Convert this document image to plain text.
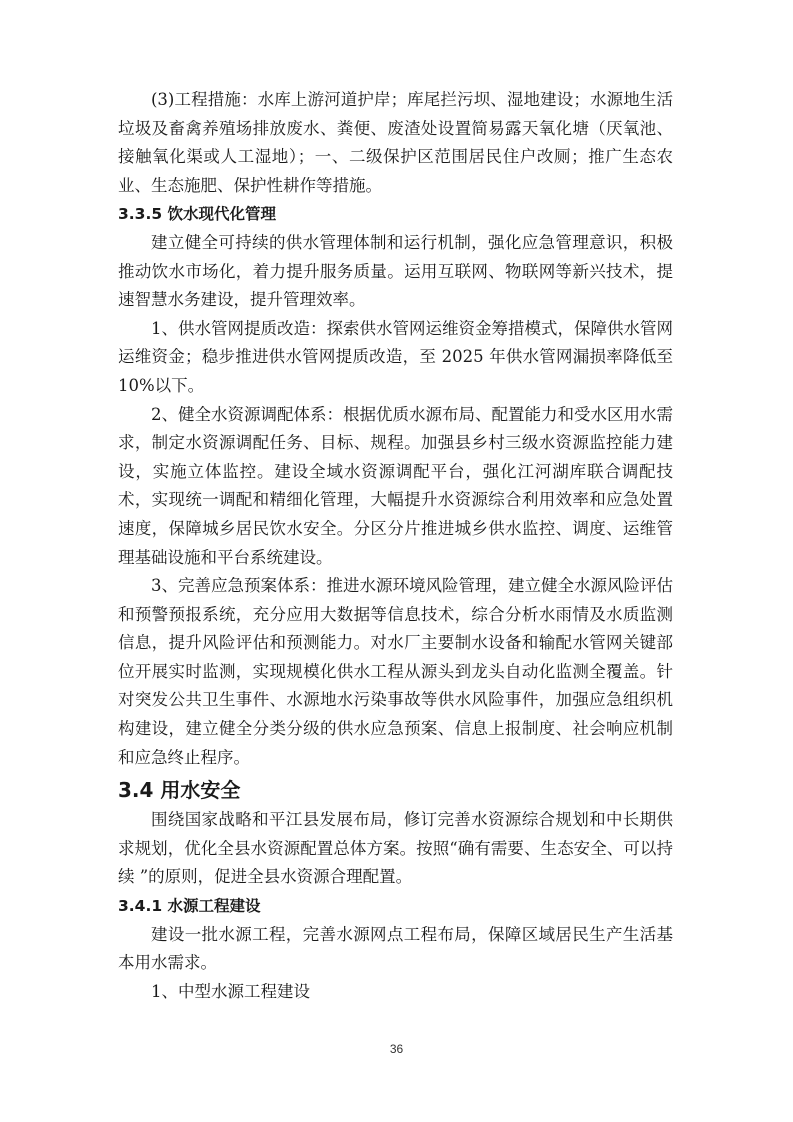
(3)工程措施：水库上游河道护岸；库尾拦污坝、湿地建设；水源地生活垃圾及畜禽养殖场排放废水、粪便、废渣处设置简易露天氧化塘（厌氧池、接触氧化渠或人工湿地）；一、二级保护区范围居民住户改厕；推广生态农业、生态施肥、保护性耕作等措施。

3.3.5 饮水现代化管理

建立健全可持续的供水管理体制和运行机制，强化应急管理意识，积极推动饮水市场化，着力提升服务质量。运用互联网、物联网等新兴技术，提速智慧水务建设，提升管理效率。

1、供水管网提质改造：探索供水管网运维资金筹措模式，保障供水管网运维资金；稳步推进供水管网提质改造，至 2025 年供水管网漏损率降低至 10%以下。

2、健全水资源调配体系：根据优质水源布局、配置能力和受水区用水需求，制定水资源调配任务、目标、规程。加强县乡村三级水资源监控能力建设，实施立体监控。建设全域水资源调配平台，强化江河湖库联合调配技术，实现统一调配和精细化管理，大幅提升水资源综合利用效率和应急处置速度，保障城乡居民饮水安全。分区分片推进城乡供水监控、调度、运维管理基础设施和平台系统建设。

3、完善应急预案体系：推进水源环境风险管理，建立健全水源风险评估和预警预报系统，充分应用大数据等信息技术，综合分析水雨情及水质监测信息，提升风险评估和预测能力。对水厂主要制水设备和输配水管网关键部位开展实时监测，实现规模化供水工程从源头到龙头自动化监测全覆盖。针对突发公共卫生事件、水源地水污染事故等供水风险事件，加强应急组织机构建设，建立健全分类分级的供水应急预案、信息上报制度、社会响应机制和应急终止程序。

3.4 用水安全

围绕国家战略和平江县发展布局，修订完善水资源综合规划和中长期供求规划，优化全县水资源配置总体方案。按照“确有需要、生态安全、可以持续 ”的原则，促进全县水资源合理配置。

3.4.1 水源工程建设

建设一批水源工程，完善水源网点工程布局，保障区域居民生产生活基本用水需求。

1、中型水源工程建设

36
